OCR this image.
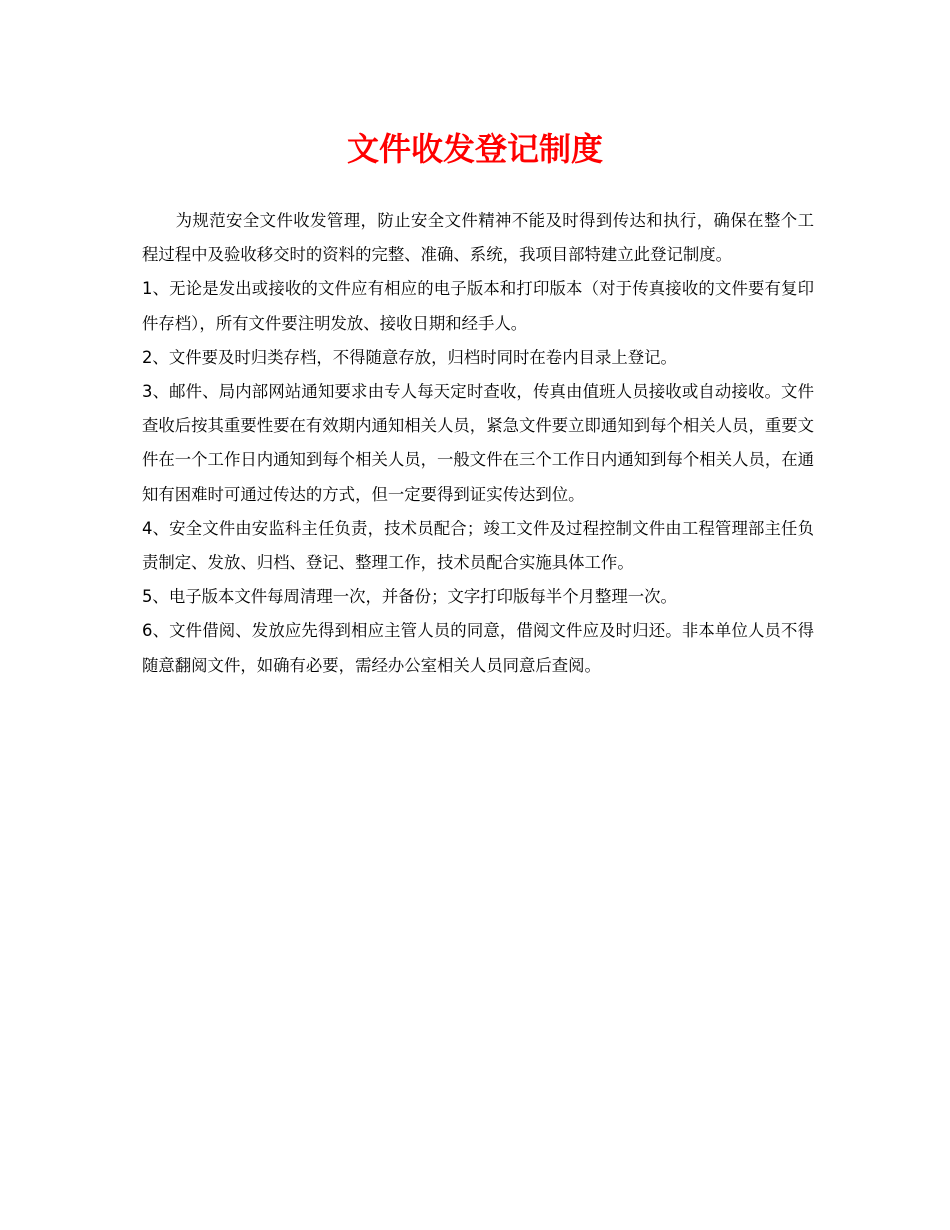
文件收发登记制度

为规范安全文件收发管理，防止安全文件精神不能及时得到传达和执行，确保在整个工程过程中及验收移交时的资料的完整、准确、系统，我项目部特建立此登记制度。

1、无论是发出或接收的文件应有相应的电子版本和打印版本（对于传真接收的文件要有复印件存档），所有文件要注明发放、接收日期和经手人。

2、文件要及时归类存档，不得随意存放，归档时同时在卷内目录上登记。

3、邮件、局内部网站通知要求由专人每天定时查收，传真由值班人员接收或自动接收。文件查收后按其重要性要在有效期内通知相关人员，紧急文件要立即通知到每个相关人员，重要文件在一个工作日内通知到每个相关人员，一般文件在三个工作日内通知到每个相关人员，在通知有困难时可通过传达的方式，但一定要得到证实传达到位。

4、安全文件由安监科主任负责，技术员配合；竣工文件及过程控制文件由工程管理部主任负责制定、发放、归档、登记、整理工作，技术员配合实施具体工作。

5、电子版本文件每周清理一次，并备份；文字打印版每半个月整理一次。

6、文件借阅、发放应先得到相应主管人员的同意，借阅文件应及时归还。非本单位人员不得随意翻阅文件，如确有必要，需经办公室相关人员同意后查阅。
